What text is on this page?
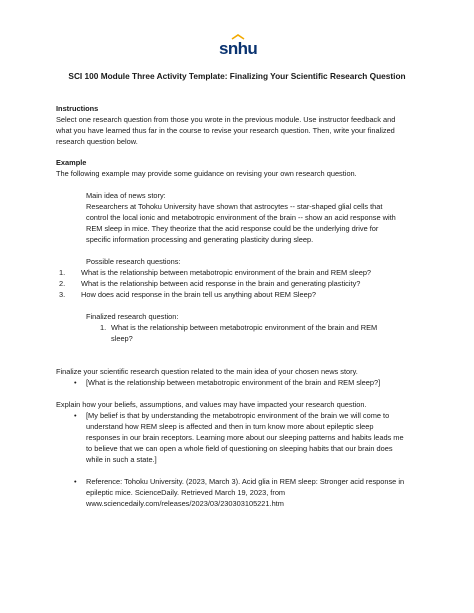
snhu
SCI 100 Module Three Activity Template: Finalizing Your Scientific Research Question
Instructions
Select one research question from those you wrote in the previous module. Use instructor feedback and
what you have learned thus far in the course to revise your research question. Then, write your finalized
research question below.
Example
The following example may provide some guidance on revising your own research question.
Main idea of news story:
Researchers at Tohoku University have shown that astrocytes -- star-shaped glial cells that
control the local ionic and metabotropic environment of the brain -- show an acid response with
REM sleep in mice. They theorize that the acid response could be the underlying drive for
specific information processing and generating plasticity during sleep.
Possible research questions:
1. What is the relationship between metabotropic environment of the brain and REM sleep?
2. What is the relationship between acid response in the brain and generating plasticity?
3. How does acid response in the brain tell us anything about REM Sleep?
Finalized research question:
1. What is the relationship between metabotropic environment of the brain and REM
sleep?
Finalize your scientific research question related to the main idea of your chosen news story.
• [What is the relationship between metabotropic environment of the brain and REM sleep?]
Explain how your beliefs, assumptions, and values may have impacted your research question.
• [My belief is that by understanding the metabotropic environment of the brain we will come to
understand how REM sleep is affected and then in turn know more about epileptic sleep
responses in our brain receptors. Learning more about our sleeping patterns and habits leads me
to believe that we can open a whole field of questioning on sleeping habits that our brain does
while in such a state.]
• Reference: Tohoku University. (2023, March 3). Acid glia in REM sleep: Stronger acid response in
epileptic mice. ScienceDaily. Retrieved March 19, 2023, from
www.sciencedaily.com/releases/2023/03/230303105221.htm
